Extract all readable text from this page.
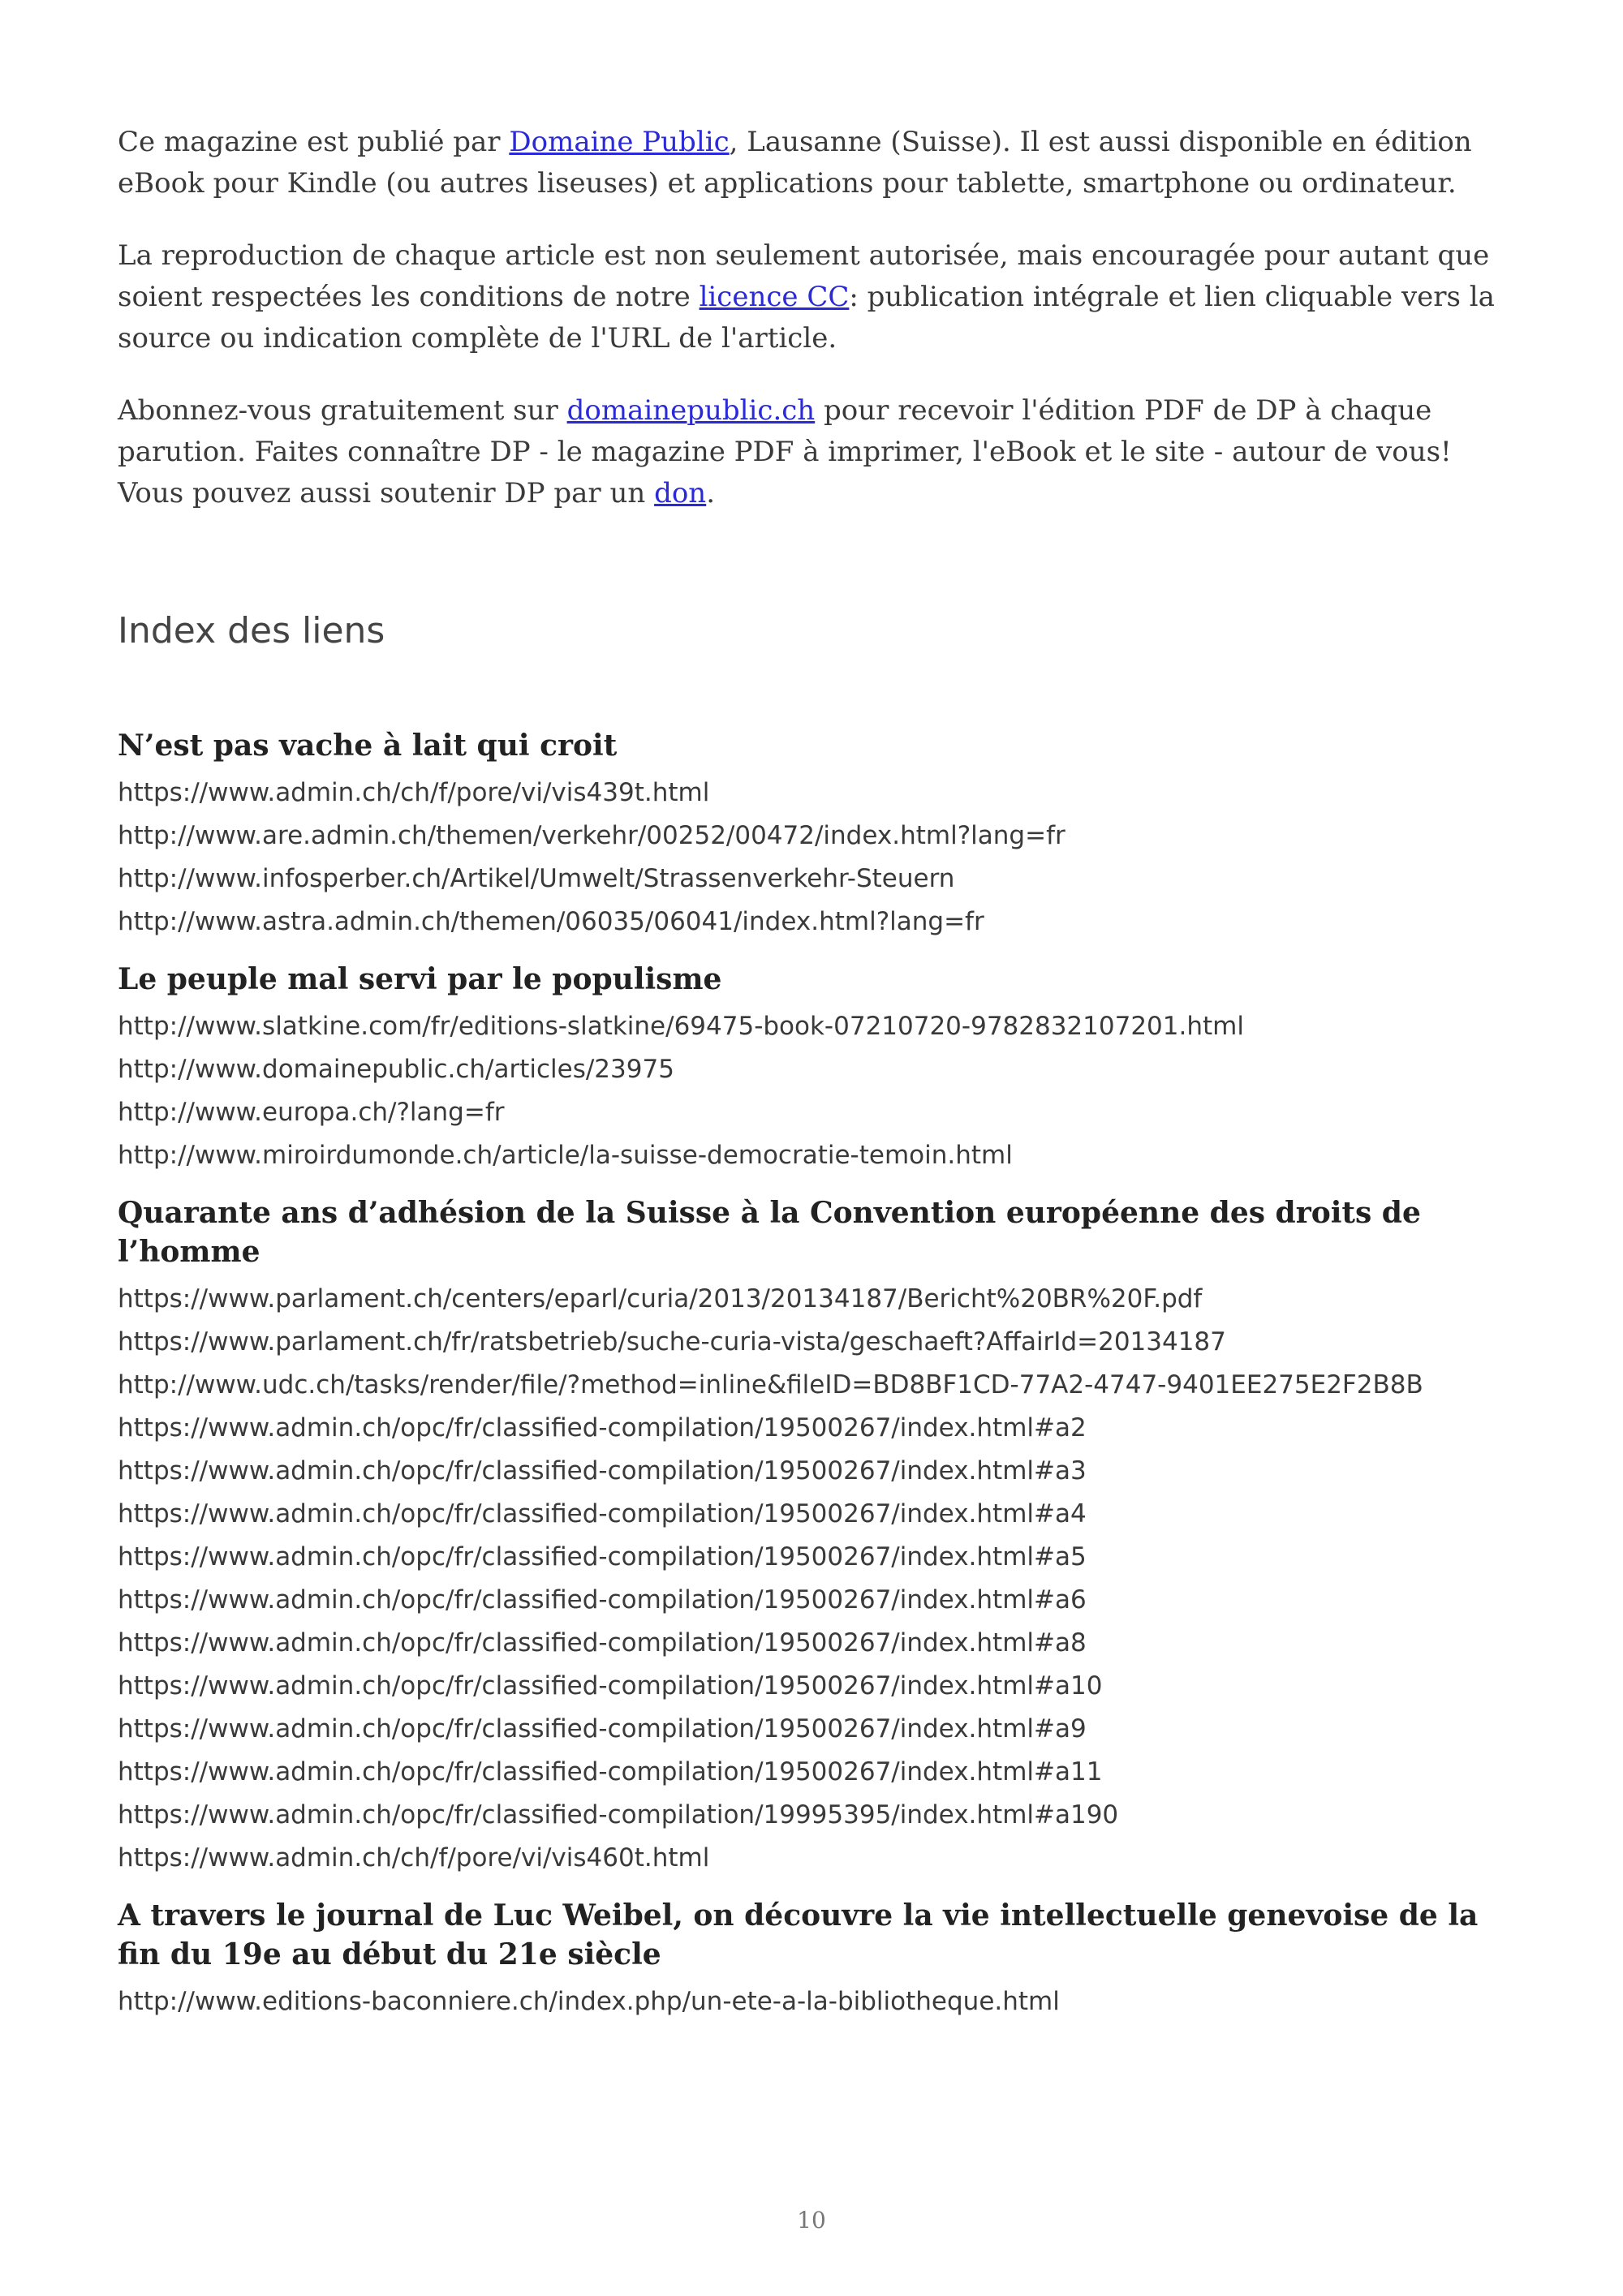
Ce magazine est publié par Domaine Public, Lausanne (Suisse). Il est aussi disponible en édition eBook pour Kindle (ou autres liseuses) et applications pour tablette, smartphone ou ordinateur.

La reproduction de chaque article est non seulement autorisée, mais encouragée pour autant que soient respectées les conditions de notre licence CC: publication intégrale et lien cliquable vers la source ou indication complète de l'URL de l'article.

Abonnez-vous gratuitement sur domainepublic.ch pour recevoir l'édition PDF de DP à chaque parution. Faites connaître DP - le magazine PDF à imprimer, l'eBook et le site - autour de vous! Vous pouvez aussi soutenir DP par un don.

Index des liens
N’est pas vache à lait qui croit
https://www.admin.ch/ch/f/pore/vi/vis439t.html
http://www.are.admin.ch/themen/verkehr/00252/00472/index.html?lang=fr
http://www.infosperber.ch/Artikel/Umwelt/Strassenverkehr-Steuern
http://www.astra.admin.ch/themen/06035/06041/index.html?lang=fr
Le peuple mal servi par le populisme
http://www.slatkine.com/fr/editions-slatkine/69475-book-07210720-9782832107201.html
http://www.domainepublic.ch/articles/23975
http://www.europa.ch/?lang=fr
http://www.miroirdumonde.ch/article/la-suisse-democratie-temoin.html
Quarante ans d’adhésion de la Suisse à la Convention européenne des droits de l’homme
https://www.parlament.ch/centers/eparl/curia/2013/20134187/Bericht%20BR%20F.pdf
https://www.parlament.ch/fr/ratsbetrieb/suche-curia-vista/geschaeft?AffairId=20134187
http://www.udc.ch/tasks/render/file/?method=inline&fileID=BD8BF1CD-77A2-4747-9401EE275E2F2B8B
https://www.admin.ch/opc/fr/classified-compilation/19500267/index.html#a2
https://www.admin.ch/opc/fr/classified-compilation/19500267/index.html#a3
https://www.admin.ch/opc/fr/classified-compilation/19500267/index.html#a4
https://www.admin.ch/opc/fr/classified-compilation/19500267/index.html#a5
https://www.admin.ch/opc/fr/classified-compilation/19500267/index.html#a6
https://www.admin.ch/opc/fr/classified-compilation/19500267/index.html#a8
https://www.admin.ch/opc/fr/classified-compilation/19500267/index.html#a10
https://www.admin.ch/opc/fr/classified-compilation/19500267/index.html#a9
https://www.admin.ch/opc/fr/classified-compilation/19500267/index.html#a11
https://www.admin.ch/opc/fr/classified-compilation/19995395/index.html#a190
https://www.admin.ch/ch/f/pore/vi/vis460t.html
A travers le journal de Luc Weibel, on découvre la vie intellectuelle genevoise de la fin du 19e au début du 21e siècle
http://www.editions-baconniere.ch/index.php/un-ete-a-la-bibliotheque.html
10
